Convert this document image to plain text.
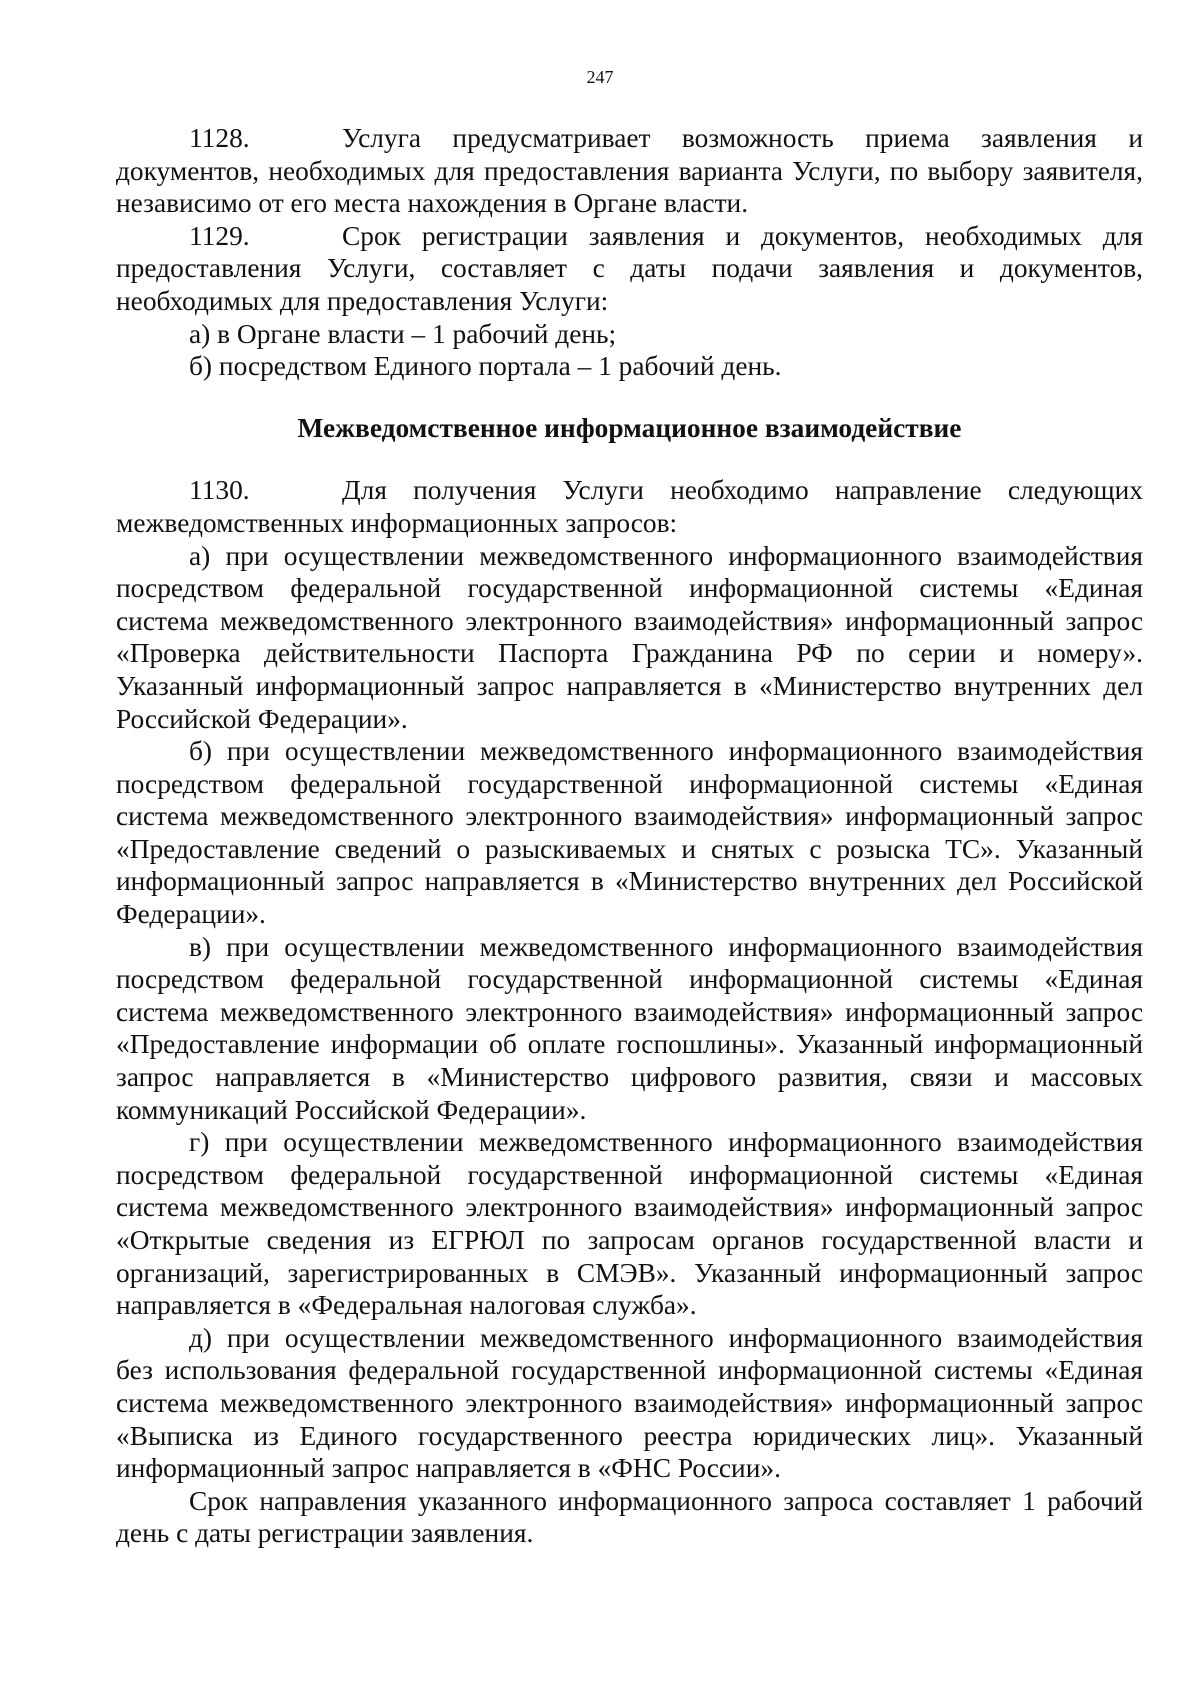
247

1128.	Услуга предусматривает возможность приема заявления и документов, необходимых для предоставления варианта Услуги, по выбору заявителя, независимо от его места нахождения в Органе власти.

1129.	Срок регистрации заявления и документов, необходимых для предоставления Услуги, составляет с даты подачи заявления и документов, необходимых для предоставления Услуги:

а) в Органе власти – 1 рабочий день;

б) посредством Единого портала – 1 рабочий день.

Межведомственное информационное взаимодействие

1130.	Для получения Услуги необходимо направление следующих межведомственных информационных запросов:

а) при осуществлении межведомственного информационного взаимодействия посредством федеральной государственной информационной системы «Единая система межведомственного электронного взаимодействия» информационный запрос «Проверка действительности Паспорта Гражданина РФ по серии и номеру». Указанный информационный запрос направляется в «Министерство внутренних дел Российской Федерации».

б) при осуществлении межведомственного информационного взаимодействия посредством федеральной государственной информационной системы «Единая система межведомственного электронного взаимодействия» информационный запрос «Предоставление сведений о разыскиваемых и снятых с розыска ТС». Указанный информационный запрос направляется в «Министерство внутренних дел Российской Федерации».

в) при осуществлении межведомственного информационного взаимодействия посредством федеральной государственной информационной системы «Единая система межведомственного электронного взаимодействия» информационный запрос «Предоставление информации об оплате госпошлины». Указанный информационный запрос направляется в «Министерство цифрового развития, связи и массовых коммуникаций Российской Федерации».

г) при осуществлении межведомственного информационного взаимодействия посредством федеральной государственной информационной системы «Единая система межведомственного электронного взаимодействия» информационный запрос «Открытые сведения из ЕГРЮЛ по запросам органов государственной власти и организаций, зарегистрированных в СМЭВ». Указанный информационный запрос направляется в «Федеральная налоговая служба».

д) при осуществлении межведомственного информационного взаимодействия без использования федеральной государственной информационной системы «Единая система межведомственного электронного взаимодействия» информационный запрос «Выписка из Единого государственного реестра юридических лиц». Указанный информационный запрос направляется в «ФНС России».

Срок направления указанного информационного запроса составляет 1 рабочий день с даты регистрации заявления.
